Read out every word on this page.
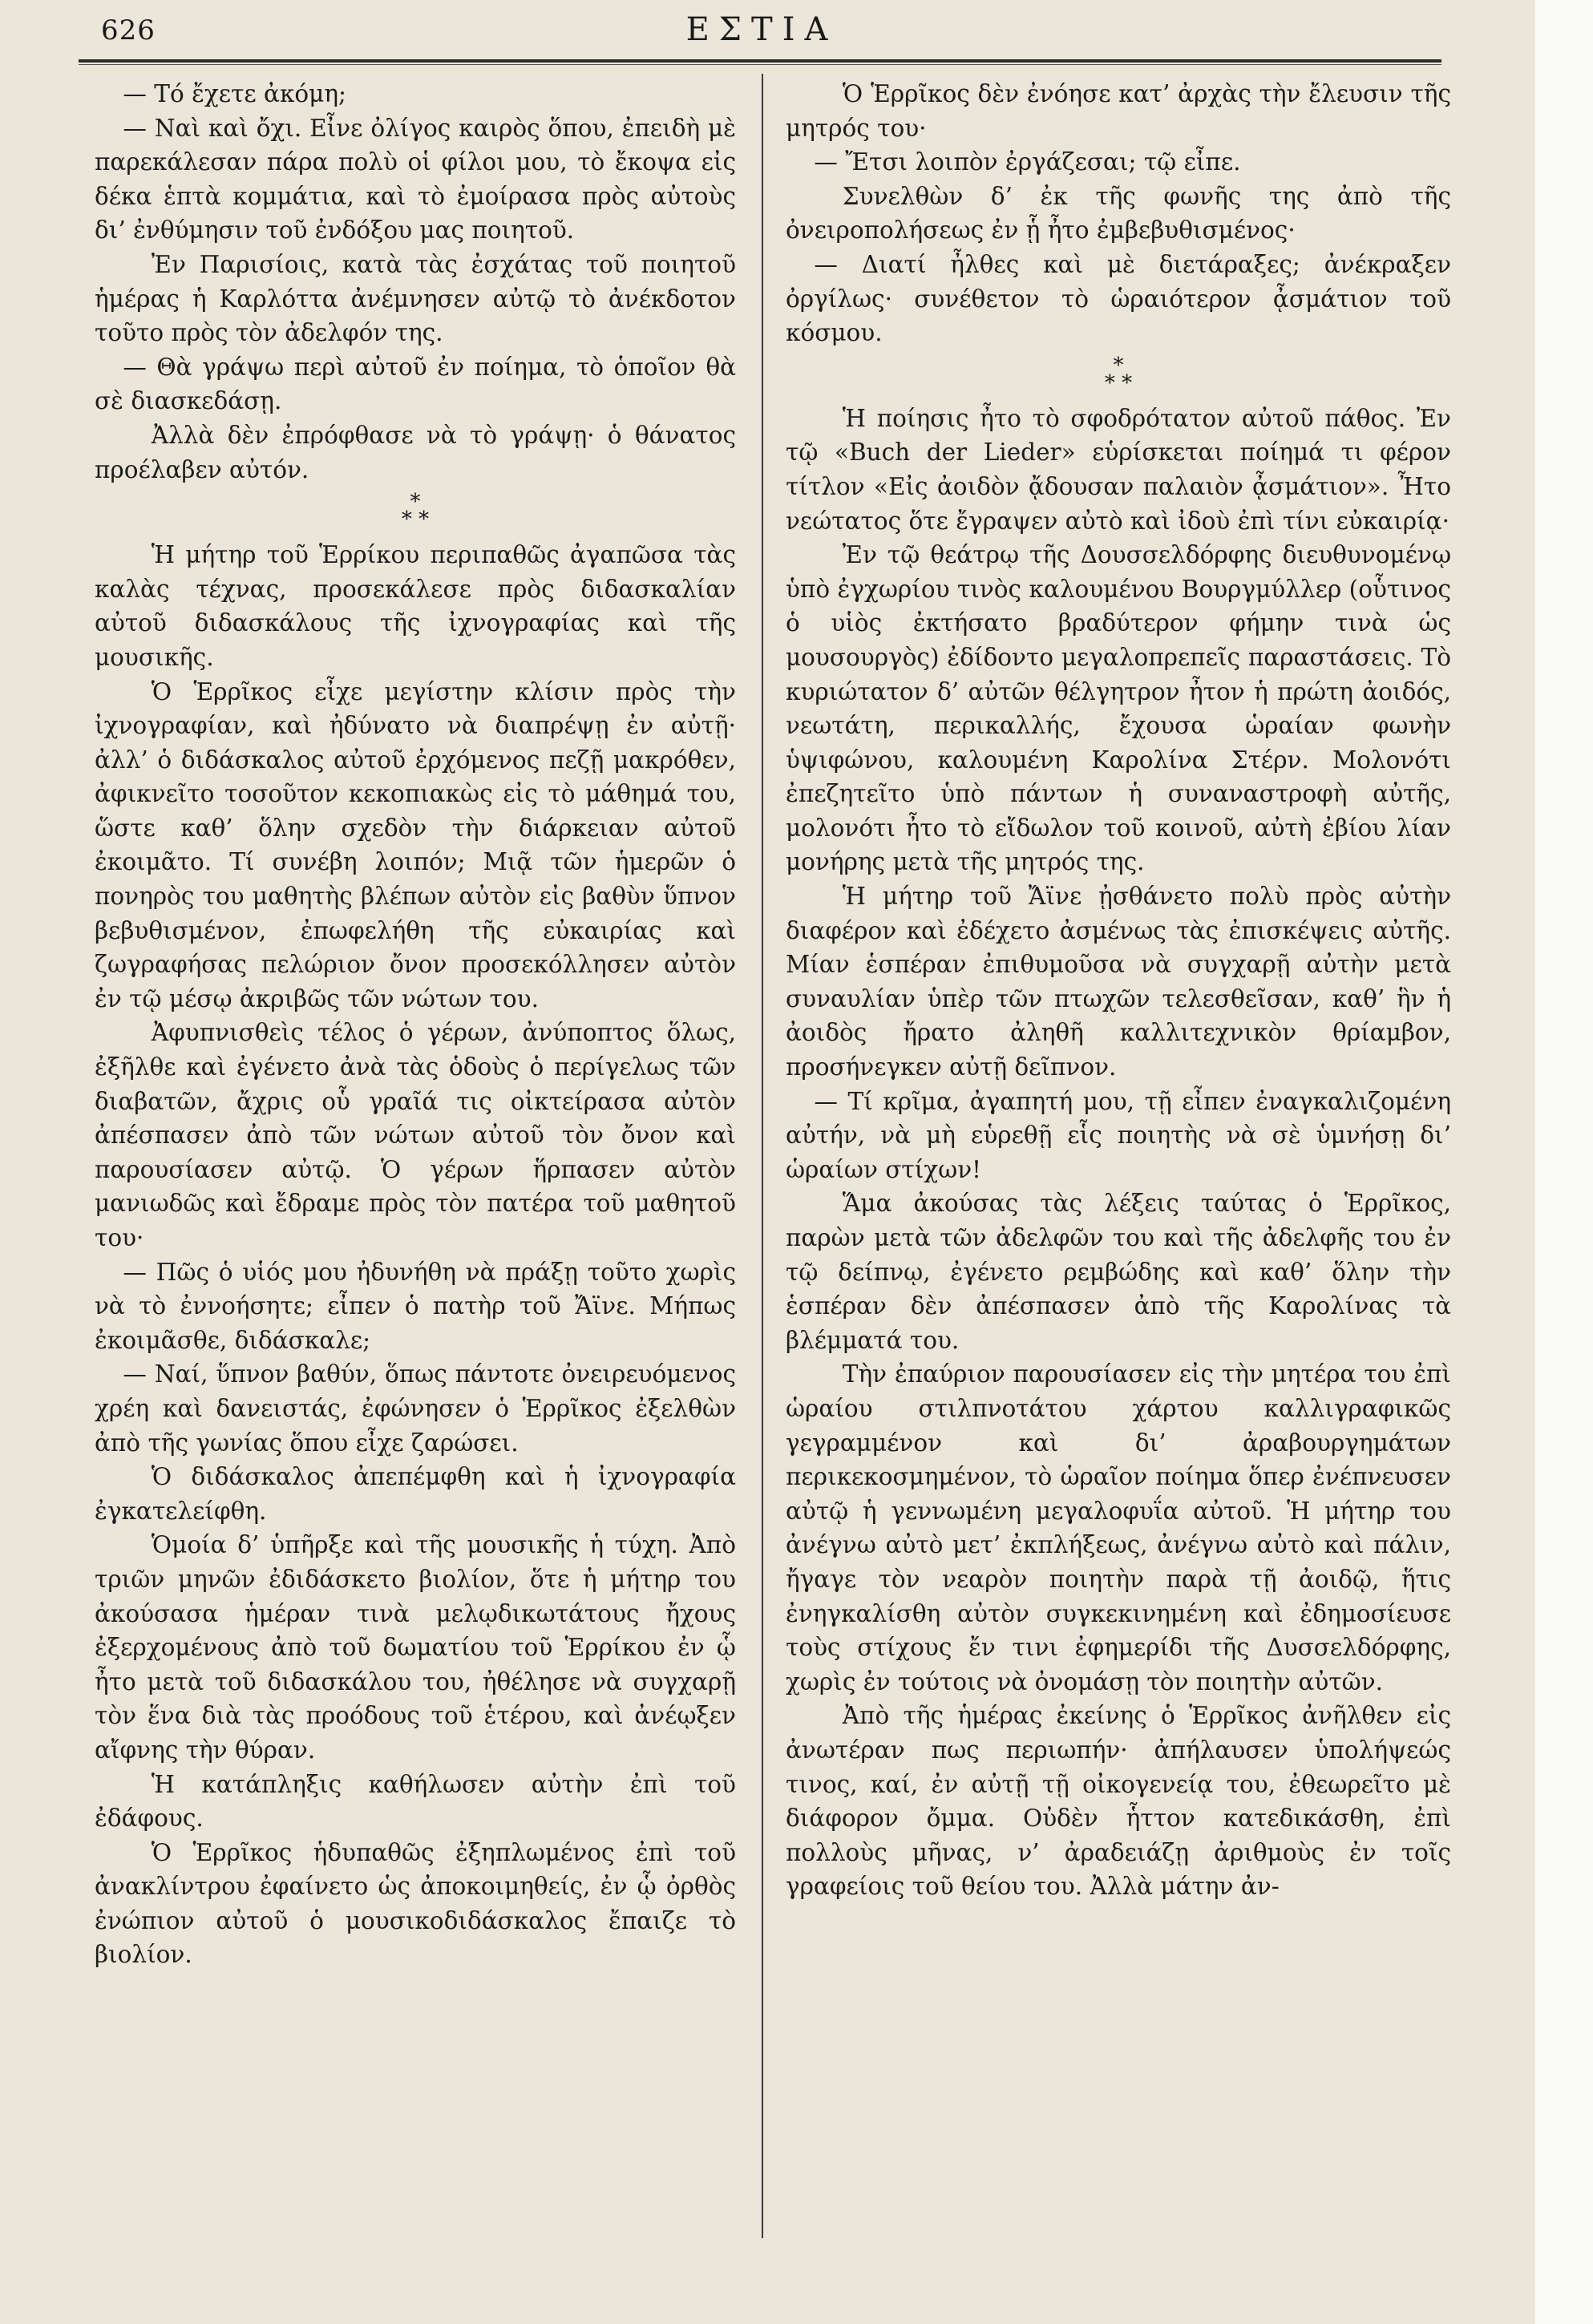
626	ΕΣΤΙΑ

— Τό ἔχετε ἀκόμη;

— Ναὶ καὶ ὄχι. Εἶνε ὀλίγος καιρὸς ὅπου, ἐπειδὴ μὲ παρεκάλεσαν πάρα πολὺ οἱ φίλοι μου, τὸ ἔκοψα εἰς δέκα ἑπτὰ κομμάτια, καὶ τὸ ἐμοίρασα πρὸς αὐτοὺς δι’ ἐνθύμησιν τοῦ ἐνδόξου μας ποιητοῦ.

Ἐν Παρισίοις, κατὰ τὰς ἐσχάτας τοῦ ποιητοῦ ἡμέρας ἡ Καρλόττα ἀνέμνησεν αὐτῷ τὸ ἀνέκδοτον τοῦτο πρὸς τὸν ἀδελφόν της.

— Θὰ γράψω περὶ αὐτοῦ ἐν ποίημα, τὸ ὁποῖον θὰ σὲ διασκεδάσῃ.

Ἀλλὰ δὲν ἐπρόφθασε νὰ τὸ γράψῃ· ὁ θάνατος προέλαβεν αὐτόν.

*
* *

Ἡ μήτηρ τοῦ Ἑρρίκου περιπαθῶς ἀγαπῶσα τὰς καλὰς τέχνας, προσεκάλεσε πρὸς διδασκαλίαν αὐτοῦ διδασκάλους τῆς ἰχνογραφίας καὶ τῆς μουσικῆς.

Ὁ Ἑρρῖκος εἶχε μεγίστην κλίσιν πρὸς τὴν ἰχνογραφίαν, καὶ ἠδύνατο νὰ διαπρέψῃ ἐν αὐτῇ· ἀλλ’ ὁ διδάσκαλος αὐτοῦ ἐρχόμενος πεζῇ μακρόθεν, ἀφικνεῖτο τοσοῦτον κεκοπιακὼς εἰς τὸ μάθημά του, ὥστε καθ’ ὅλην σχεδὸν τὴν διάρκειαν αὐτοῦ ἐκοιμᾶτο. Τί συνέβη λοιπόν; Μιᾷ τῶν ἡμερῶν ὁ πονηρὸς του μαθητὴς βλέπων αὐτὸν εἰς βαθὺν ὕπνον βεβυθισμένον, ἐπωφελήθη τῆς εὐκαιρίας καὶ ζωγραφήσας πελώριον ὄνον προσεκόλλησεν αὐτὸν ἐν τῷ μέσῳ ἀκριβῶς τῶν νώτων του.

Ἀφυπνισθεὶς τέλος ὁ γέρων, ἀνύποπτος ὅλως, ἐξῆλθε καὶ ἐγένετο ἀνὰ τὰς ὁδοὺς ὁ περίγελως τῶν διαβατῶν, ἄχρις οὗ γραῖά τις οἰκτείρασα αὐτὸν ἀπέσπασεν ἀπὸ τῶν νώτων αὐτοῦ τὸν ὄνον καὶ παρουσίασεν αὐτῷ. Ὁ γέρων ἥρπασεν αὐτὸν μανιωδῶς καὶ ἔδραμε πρὸς τὸν πατέρα τοῦ μαθητοῦ του·

— Πῶς ὁ υἱός μου ἠδυνήθη νὰ πράξῃ τοῦτο χωρὶς νὰ τὸ ἐννοήσητε; εἶπεν ὁ πατὴρ τοῦ Ἄϊνε. Μήπως ἐκοιμᾶσθε, διδάσκαλε;

— Ναί, ὕπνον βαθύν, ὅπως πάντοτε ὀνειρευόμενος χρέη καὶ δανειστάς, ἐφώνησεν ὁ Ἑρρῖκος ἐξελθὼν ἀπὸ τῆς γωνίας ὅπου εἶχε ζαρώσει.

Ὁ διδάσκαλος ἀπεπέμφθη καὶ ἡ ἰχνογραφία ἐγκατελείφθη.

Ὁμοία δ’ ὑπῆρξε καὶ τῆς μουσικῆς ἡ τύχη. Ἀπὸ τριῶν μηνῶν ἐδιδάσκετο βιολίον, ὅτε ἡ μήτηρ του ἀκούσασα ἡμέραν τινὰ μελῳδικωτάτους ἤχους ἐξερχομένους ἀπὸ τοῦ δωματίου τοῦ Ἑρρίκου ἐν ᾧ ἦτο μετὰ τοῦ διδασκάλου του, ἠθέλησε νὰ συγχαρῇ τὸν ἕνα διὰ τὰς προόδους τοῦ ἑτέρου, καὶ ἀνέῳξεν αἴφνης τὴν θύραν.

Ἡ κατάπληξις καθήλωσεν αὐτὴν ἐπὶ τοῦ ἐδάφους.

Ὁ Ἑρρῖκος ἡδυπαθῶς ἐξηπλωμένος ἐπὶ τοῦ ἀνακλίντρου ἐφαίνετο ὡς ἀποκοιμηθείς, ἐν ᾧ ὀρθὸς ἐνώπιον αὐτοῦ ὁ μουσικοδιδάσκαλος ἔπαιζε τὸ βιολίον.

Ὁ Ἑρρῖκος δὲν ἐνόησε κατ’ ἀρχὰς τὴν ἔλευσιν τῆς μητρός του·

— Ἔτσι λοιπὸν ἐργάζεσαι; τῷ εἶπε.

Συνελθὼν δ’ ἐκ τῆς φωνῆς της ἀπὸ τῆς ὀνειροπολήσεως ἐν ᾗ ἦτο ἐμβεβυθισμένος·

— Διατί ἦλθες καὶ μὲ διετάραξες; ἀνέκραξεν ὀργίλως· συνέθετον τὸ ὡραιότερον ᾆσμάτιον τοῦ κόσμου.

*
* *

Ἡ ποίησις ἦτο τὸ σφοδρότατον αὐτοῦ πάθος. Ἐν τῷ «Buch der Lieder» εὑρίσκεται ποίημά τι φέρον τίτλον «Εἰς ἀοιδὸν ᾄδουσαν παλαιὸν ᾆσμάτιον». Ἦτο νεώτατος ὅτε ἔγραψεν αὐτὸ καὶ ἰδοὺ ἐπὶ τίνι εὐκαιρίᾳ·

Ἐν τῷ θεάτρῳ τῆς Δουσσελδόρφης διευθυνομένῳ ὑπὸ ἐγχωρίου τινὸς καλουμένου Βουργμύλλερ (οὗτινος ὁ υἱὸς ἐκτήσατο βραδύτερον φήμην τινὰ ὡς μουσουργὸς) ἐδίδοντο μεγαλοπρεπεῖς παραστάσεις. Τὸ κυριώτατον δ’ αὐτῶν θέλγητρον ἦτον ἡ πρώτη ἀοιδός, νεωτάτη, περικαλλής, ἔχουσα ὡραίαν φωνὴν ὑψιφώνου, καλουμένη Καρολίνα Στέρν. Μολονότι ἐπεζητεῖτο ὑπὸ πάντων ἡ συναναστροφὴ αὐτῆς, μολονότι ἦτο τὸ εἴδωλον τοῦ κοινοῦ, αὐτὴ ἐβίου λίαν μονήρης μετὰ τῆς μητρός της.

Ἡ μήτηρ τοῦ Ἄϊνε ᾐσθάνετο πολὺ πρὸς αὐτὴν διαφέρον καὶ ἐδέχετο ἀσμένως τὰς ἐπισκέψεις αὐτῆς. Μίαν ἑσπέραν ἐπιθυμοῦσα νὰ συγχαρῇ αὐτὴν μετὰ συναυλίαν ὑπὲρ τῶν πτωχῶν τελεσθεῖσαν, καθ’ ἣν ἡ ἀοιδὸς ἤρατο ἀληθῆ καλλιτεχνικὸν θρίαμβον, προσήνεγκεν αὐτῇ δεῖπνον.

— Τί κρῖμα, ἀγαπητή μου, τῇ εἶπεν ἐναγκαλιζομένη αὐτήν, νὰ μὴ εὑρεθῇ εἷς ποιητὴς νὰ σὲ ὑμνήσῃ δι’ ὡραίων στίχων!

Ἅμα ἀκούσας τὰς λέξεις ταύτας ὁ Ἑρρῖκος, παρὼν μετὰ τῶν ἀδελφῶν του καὶ τῆς ἀδελφῆς του ἐν τῷ δείπνῳ, ἐγένετο ρεμβώδης καὶ καθ’ ὅλην τὴν ἑσπέραν δὲν ἀπέσπασεν ἀπὸ τῆς Καρολίνας τὰ βλέμματά του.

Τὴν ἐπαύριον παρουσίασεν εἰς τὴν μητέρα του ἐπὶ ὡραίου στιλπνοτάτου χάρτου καλλιγραφικῶς γεγραμμένον καὶ δι’ ἀραβουργημάτων περικεκοσμημένον, τὸ ὡραῖον ποίημα ὅπερ ἐνέπνευσεν αὐτῷ ἡ γεννωμένη μεγαλοφυΐα αὐτοῦ. Ἡ μήτηρ του ἀνέγνω αὐτὸ μετ’ ἐκπλήξεως, ἀνέγνω αὐτὸ καὶ πάλιν, ἤγαγε τὸν νεαρὸν ποιητὴν παρὰ τῇ ἀοιδῷ, ἥτις ἐνηγκαλίσθη αὐτὸν συγκεκινημένη καὶ ἐδημοσίευσε τοὺς στίχους ἔν τινι ἐφημερίδι τῆς Δυσσελδόρφης, χωρὶς ἐν τούτοις νὰ ὀνομάσῃ τὸν ποιητὴν αὐτῶν.

Ἀπὸ τῆς ἡμέρας ἐκείνης ὁ Ἑρρῖκος ἀνῆλθεν εἰς ἀνωτέραν πως περιωπήν· ἀπήλαυσεν ὑπολήψεώς τινος, καί, ἐν αὐτῇ τῇ οἰκογενείᾳ του, ἐθεωρεῖτο μὲ διάφορον ὄμμα. Οὐδὲν ἧττον κατεδικάσθη, ἐπὶ πολλοὺς μῆνας, ν’ ἀραδειάζῃ ἀριθμοὺς ἐν τοῖς γραφείοις τοῦ θείου του. Ἀλλὰ μάτην ἀν-
